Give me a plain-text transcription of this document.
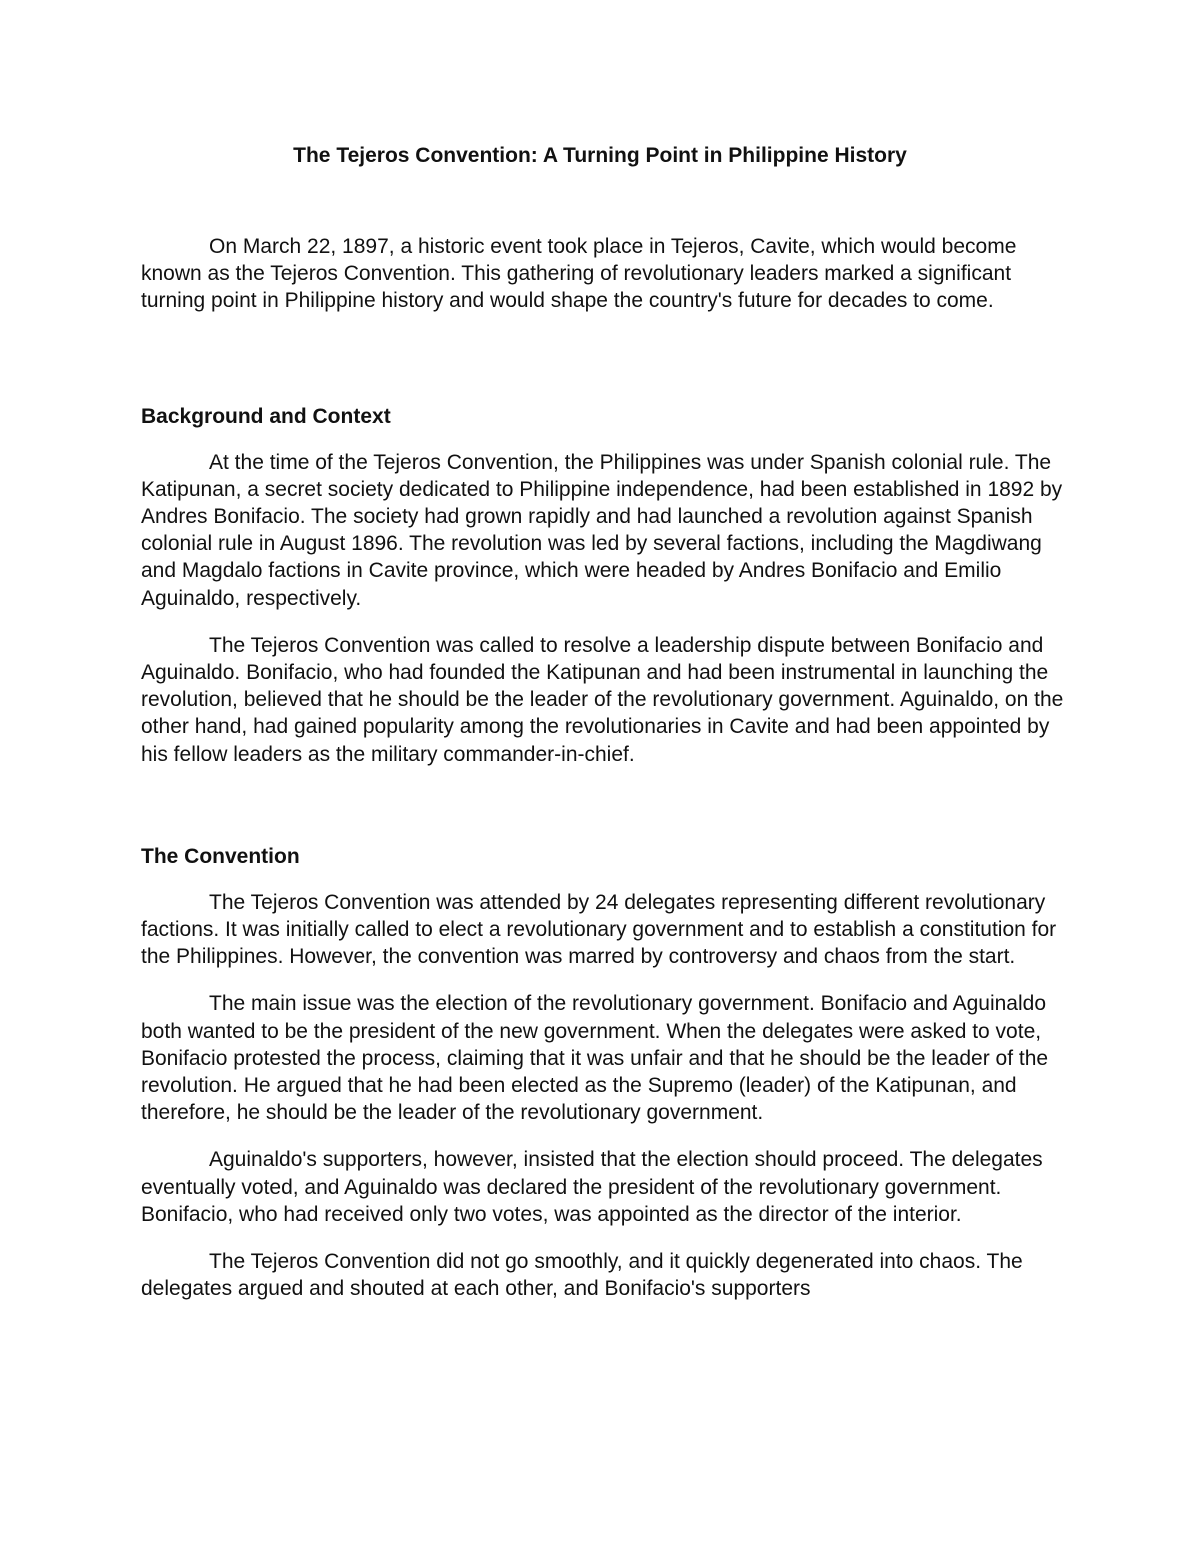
The Tejeros Convention: A Turning Point in Philippine History

On March 22, 1897, a historic event took place in Tejeros, Cavite, which would become known as the Tejeros Convention. This gathering of revolutionary leaders marked a significant turning point in Philippine history and would shape the country's future for decades to come.

Background and Context

At the time of the Tejeros Convention, the Philippines was under Spanish colonial rule. The Katipunan, a secret society dedicated to Philippine independence, had been established in 1892 by Andres Bonifacio. The society had grown rapidly and had launched a revolution against Spanish colonial rule in August 1896. The revolution was led by several factions, including the Magdiwang and Magdalo factions in Cavite province, which were headed by Andres Bonifacio and Emilio Aguinaldo, respectively.

The Tejeros Convention was called to resolve a leadership dispute between Bonifacio and Aguinaldo. Bonifacio, who had founded the Katipunan and had been instrumental in launching the revolution, believed that he should be the leader of the revolutionary government. Aguinaldo, on the other hand, had gained popularity among the revolutionaries in Cavite and had been appointed by his fellow leaders as the military commander-in-chief.

The Convention

The Tejeros Convention was attended by 24 delegates representing different revolutionary factions. It was initially called to elect a revolutionary government and to establish a constitution for the Philippines. However, the convention was marred by controversy and chaos from the start.

The main issue was the election of the revolutionary government. Bonifacio and Aguinaldo both wanted to be the president of the new government. When the delegates were asked to vote, Bonifacio protested the process, claiming that it was unfair and that he should be the leader of the revolution. He argued that he had been elected as the Supremo (leader) of the Katipunan, and therefore, he should be the leader of the revolutionary government.

Aguinaldo's supporters, however, insisted that the election should proceed. The delegates eventually voted, and Aguinaldo was declared the president of the revolutionary government. Bonifacio, who had received only two votes, was appointed as the director of the interior.

The Tejeros Convention did not go smoothly, and it quickly degenerated into chaos. The delegates argued and shouted at each other, and Bonifacio's supporters
